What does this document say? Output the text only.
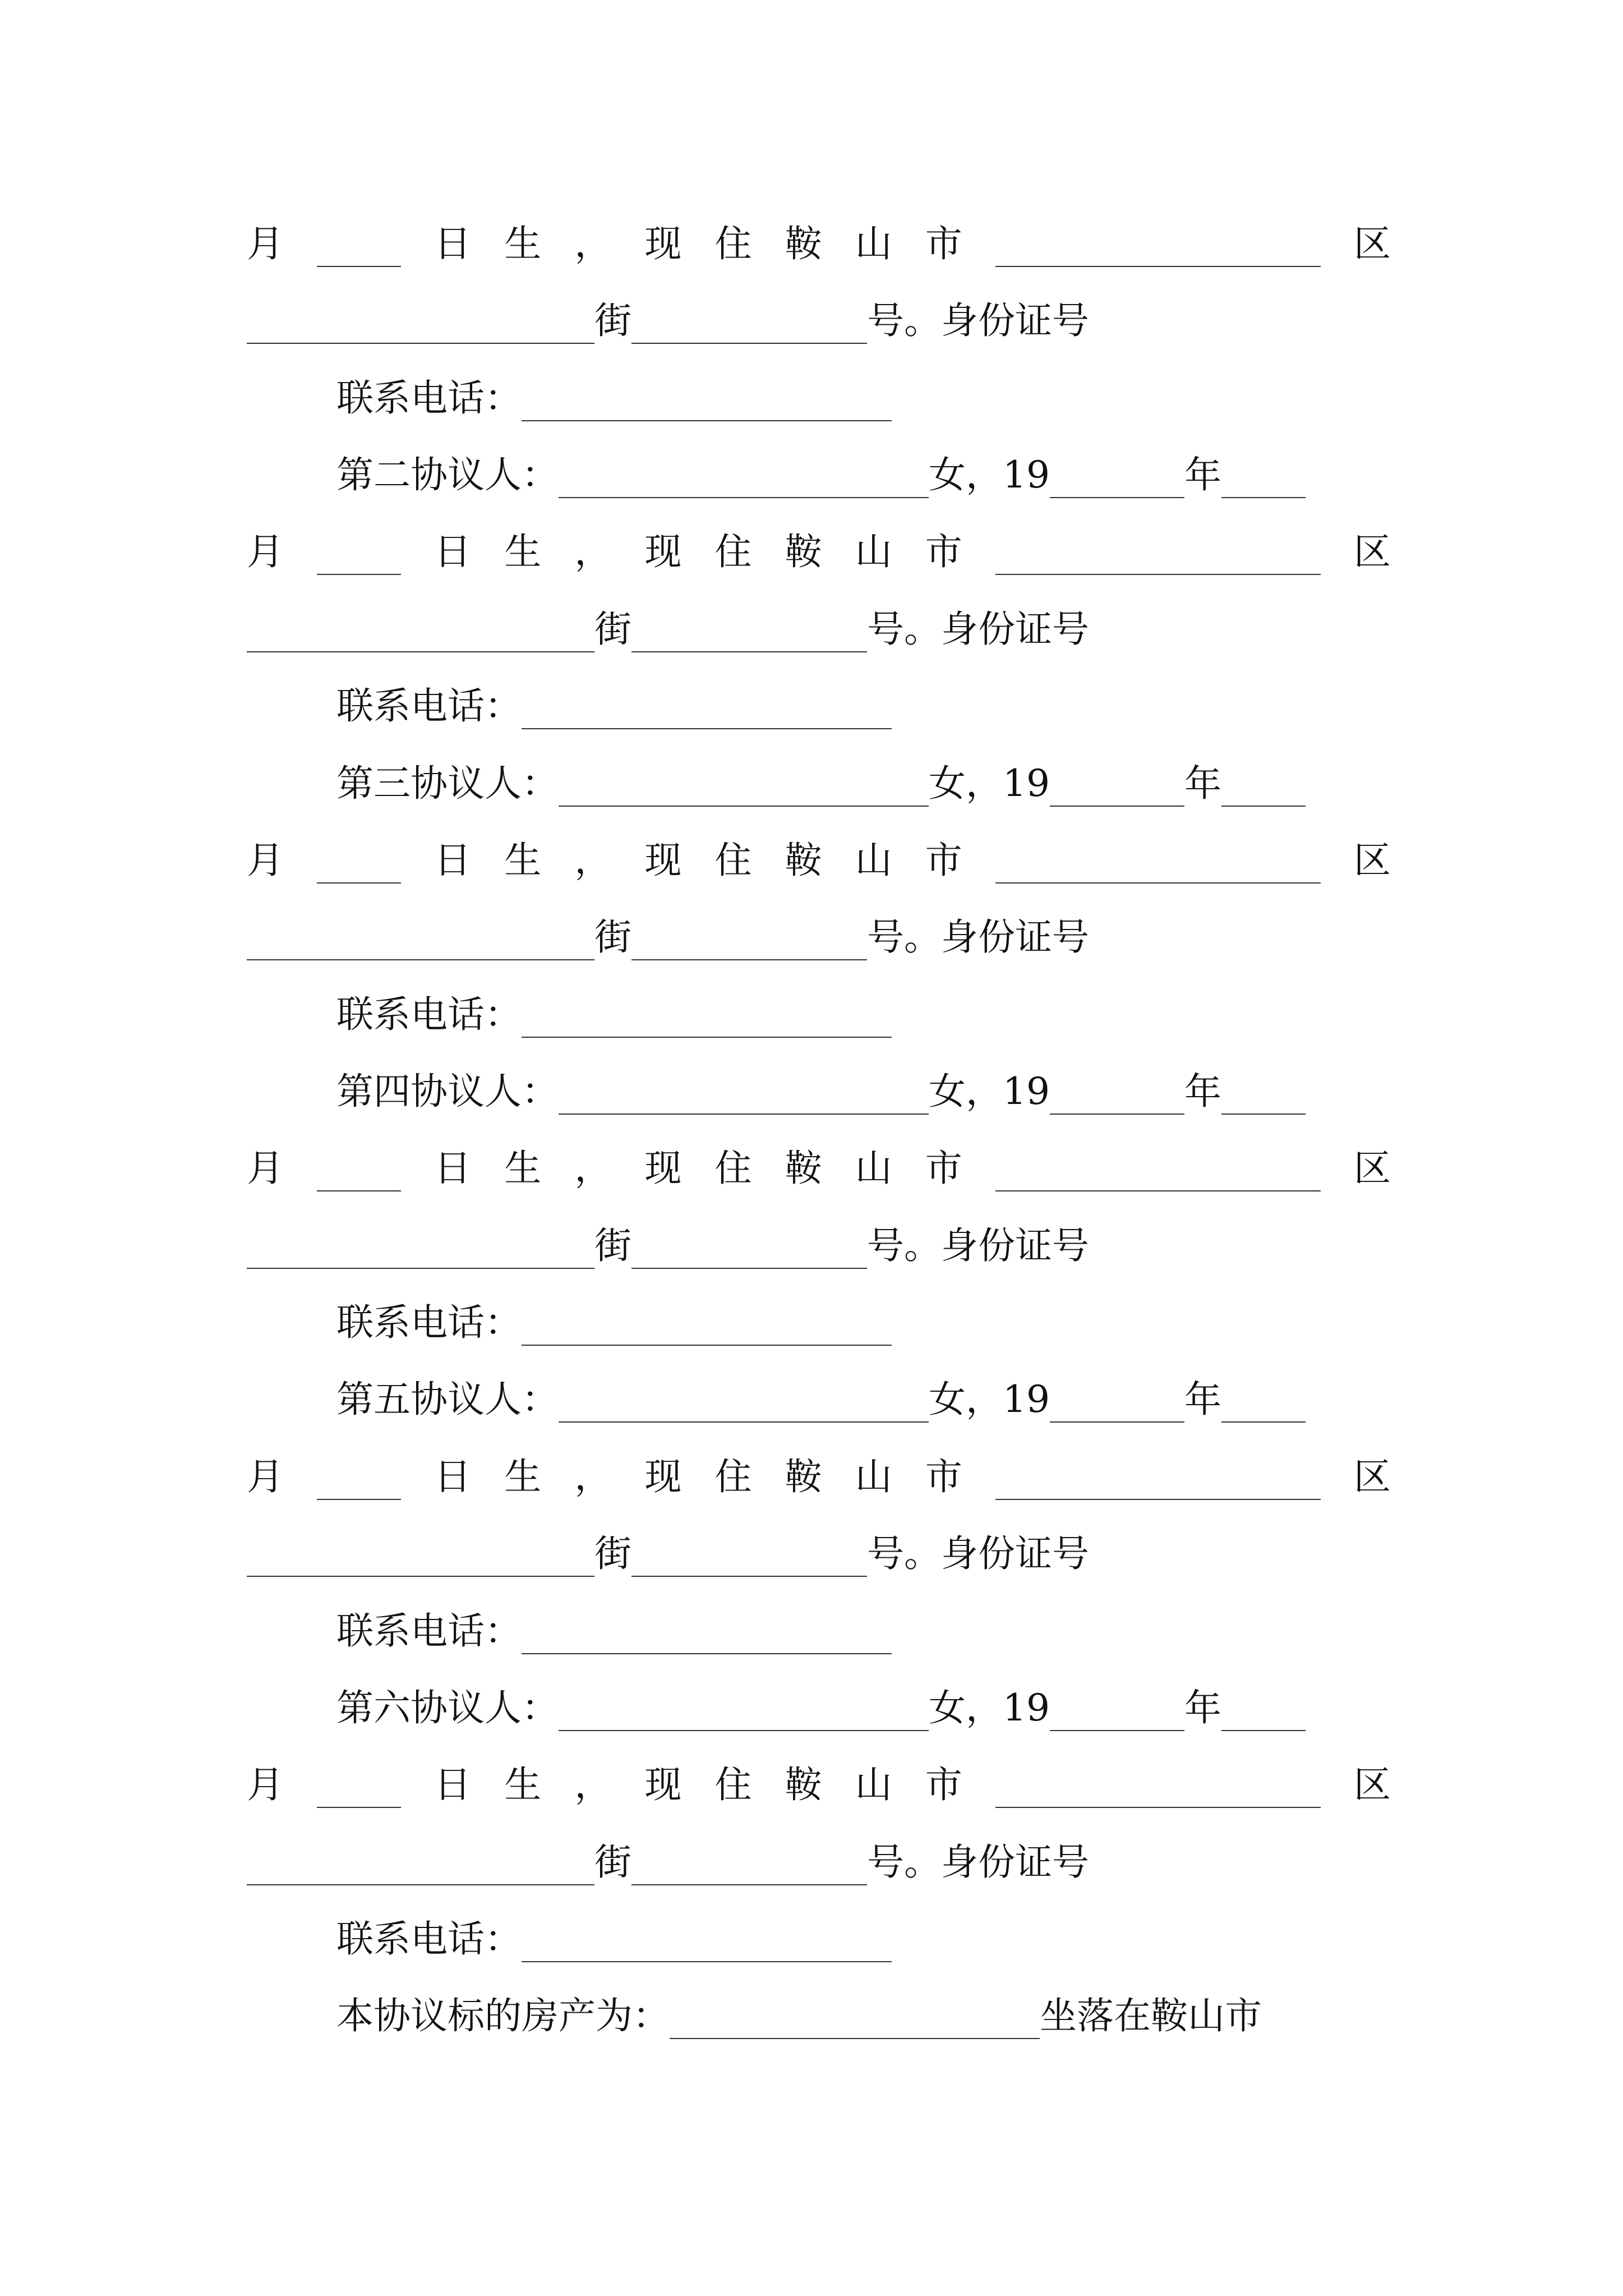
月	日 生 ， 现 住 鞍 山 市	区
街	号。身份证号
联系电话：
第二协议人：	女，19	年
月	日 生 ， 现 住 鞍 山 市	区
街	号。身份证号
联系电话：
第三协议人：	女，19	年
月	日 生 ， 现 住 鞍 山 市	区
街	号。身份证号
联系电话：
第四协议人：	女，19	年
月	日 生 ， 现 住 鞍 山 市	区
街	号。身份证号
联系电话：
第五协议人：	女，19	年
月	日 生 ， 现 住 鞍 山 市	区
街	号。身份证号
联系电话：
第六协议人：	女，19	年
月	日 生 ， 现 住 鞍 山 市	区
街	号。身份证号
联系电话：
本协议标的房产为：	坐落在鞍山市
